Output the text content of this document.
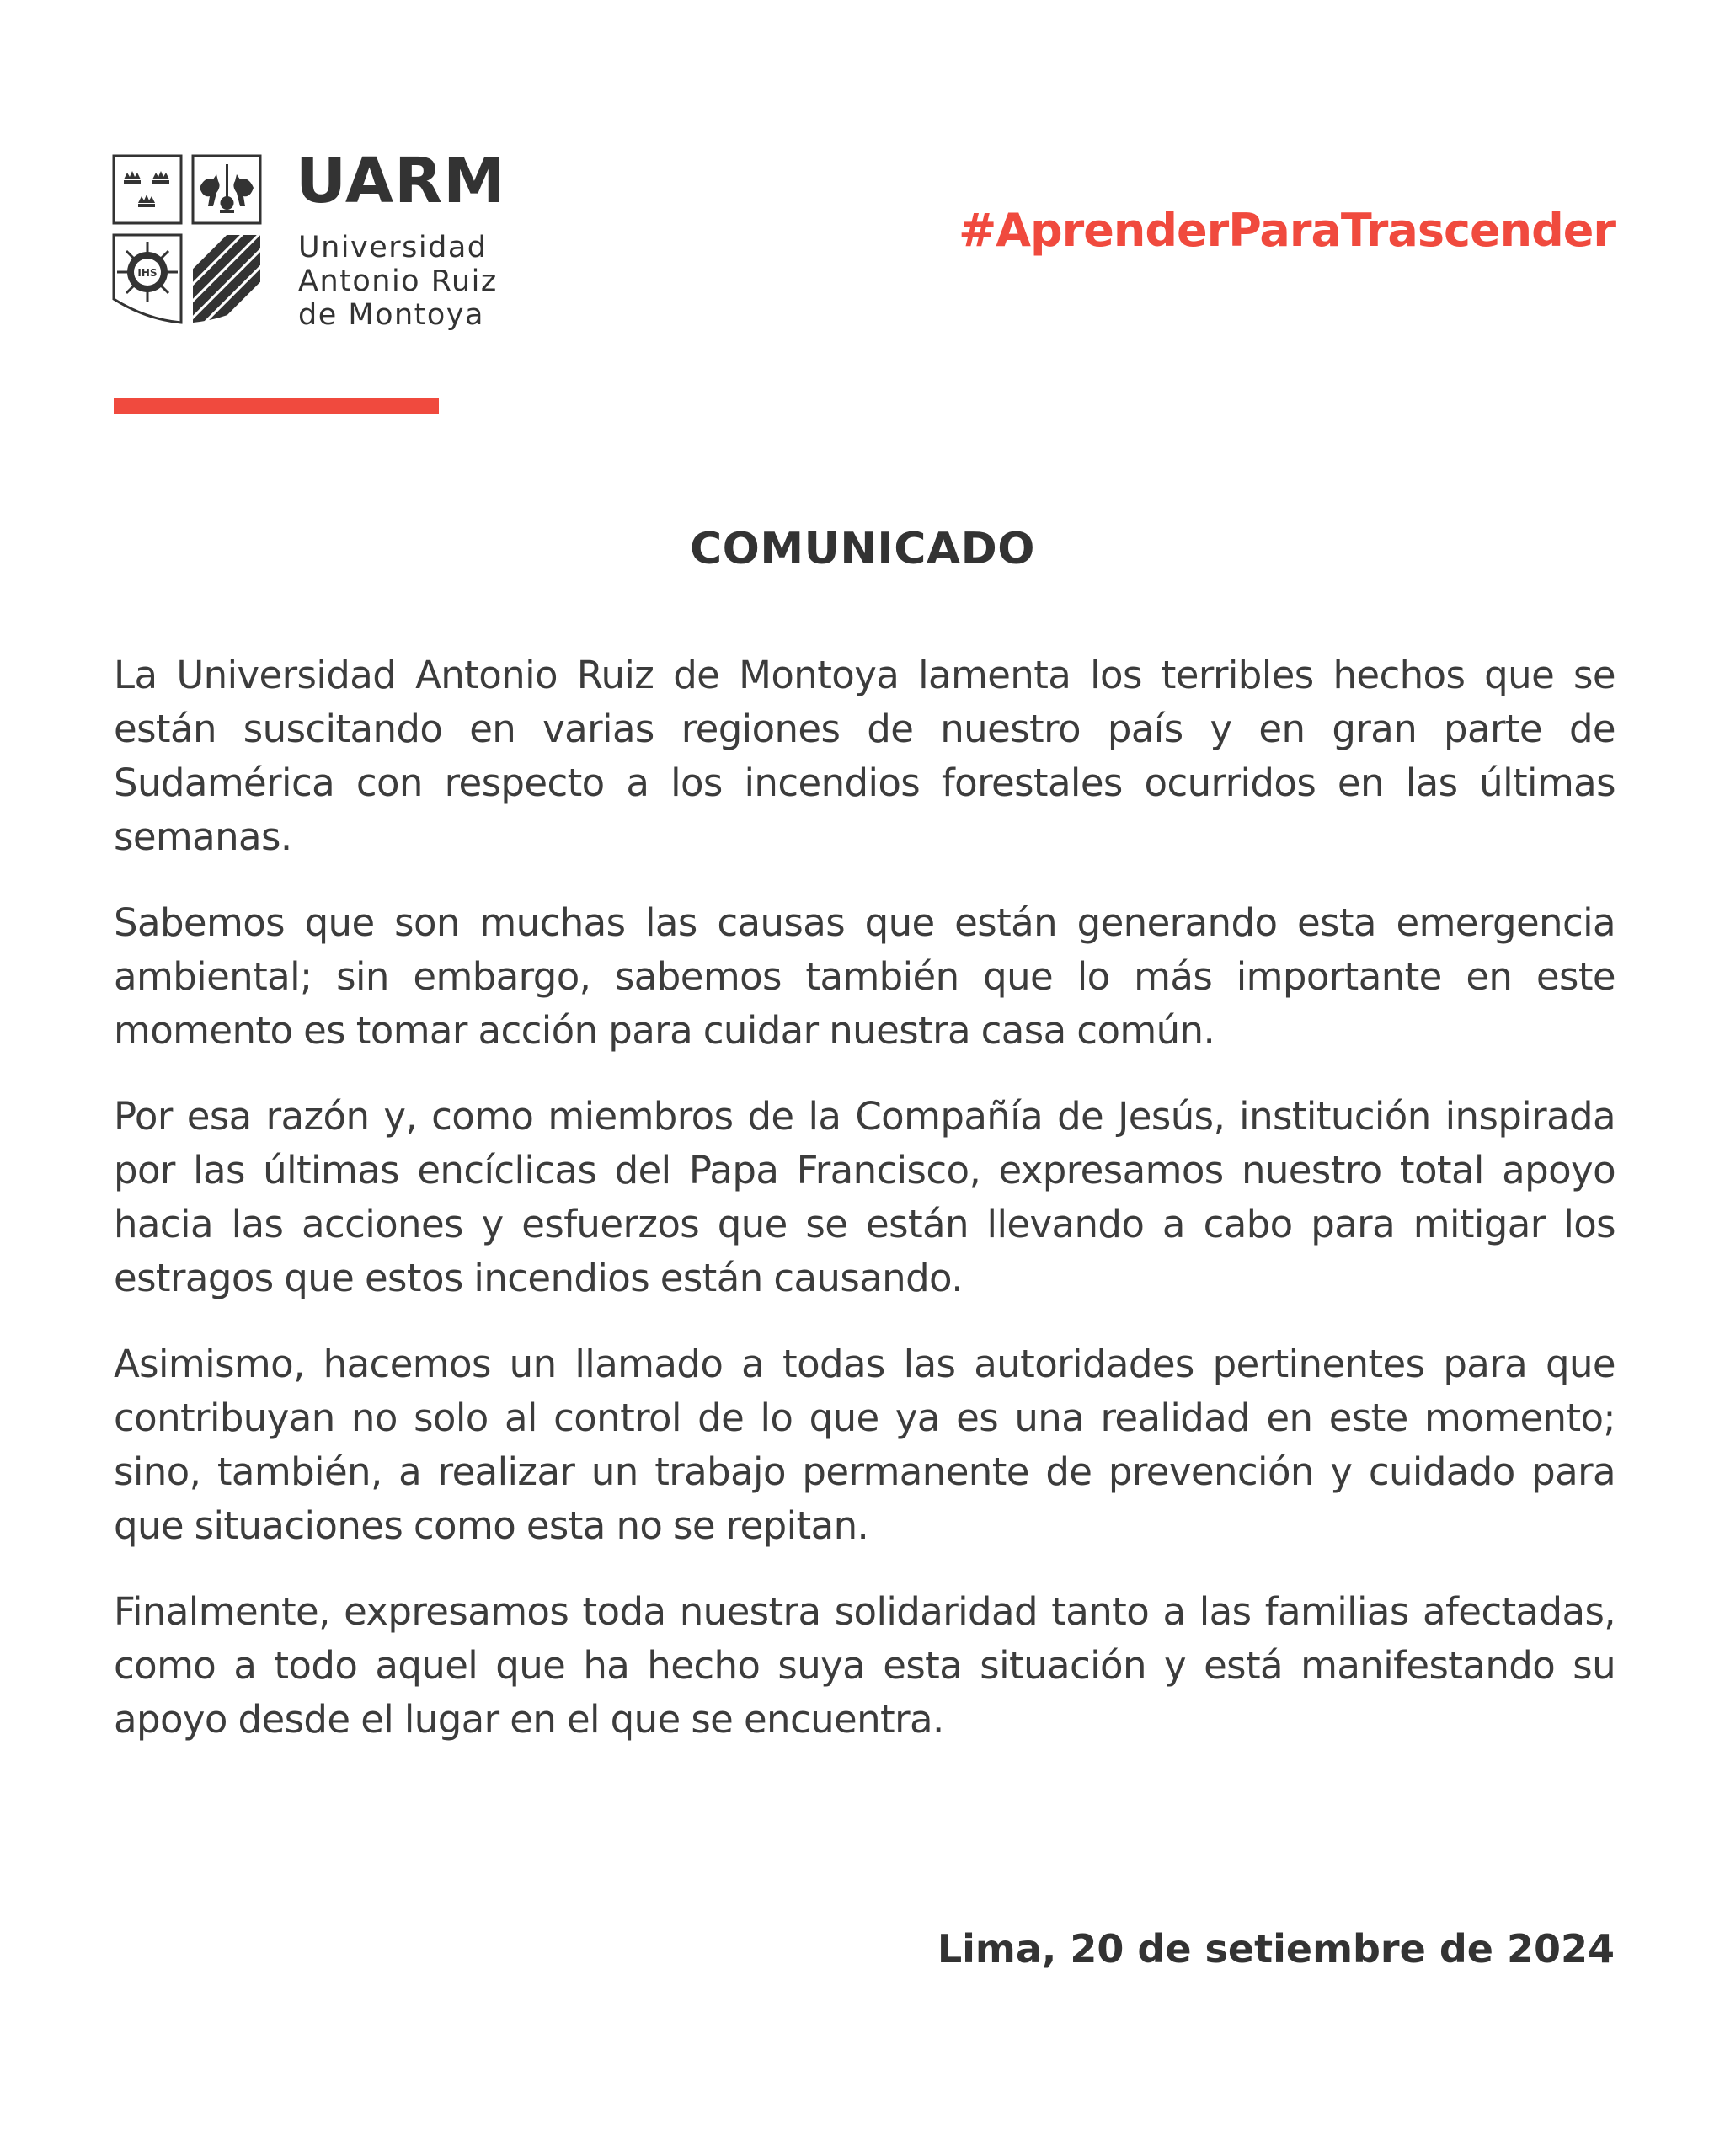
IHS
UARM
Universidad
Antonio Ruiz
de Montoya
#AprenderParaTrascender
COMUNICADO

La Universidad Antonio Ruiz de Montoya lamenta los terribles hechos que se están suscitando en varias regiones de nuestro país y en gran parte de Sudamérica con respecto a los incendios forestales ocurridos en las últimas semanas.

Sabemos que son muchas las causas que están generando esta emergencia ambiental; sin embargo, sabemos también que lo más importante en este momento es tomar acción para cuidar nuestra casa común.

Por esa razón y, como miembros de la Compañía de Jesús, institución inspirada por las últimas encíclicas del Papa Francisco, expresamos nuestro total apoyo hacia las acciones y esfuerzos que se están llevando a cabo para mitigar los estragos que estos incendios están causando.

Asimismo, hacemos un llamado a todas las autoridades pertinentes para que contribuyan no solo al control de lo que ya es una realidad en este momento; sino, también, a realizar un trabajo permanente de prevención y cuidado para que situaciones como esta no se repitan.

Finalmente, expresamos toda nuestra solidaridad tanto a las familias afectadas, como a todo aquel que ha hecho suya esta situación y está manifestando su apoyo desde el lugar en el que se encuentra.

Lima, 20 de setiembre de 2024
